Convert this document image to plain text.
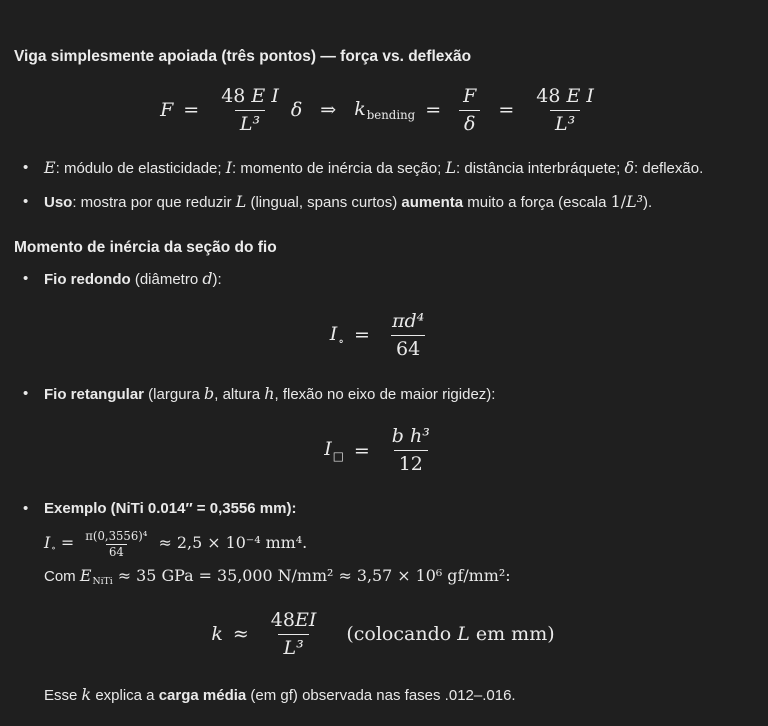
Viga simplesmente apoiada (três pontos) — força vs. deflexão
$F = \frac{\text{48 E I}}{\text{L³}}$ δ ⇒ $k_{bending} = \frac{F}{\delta} = \frac{\text{48 E I}}{\text{L³}}$
• E: módulo de elasticidade; I: momento de inércia da seção; L: distância interbráquete; δ: deflexão.
• Uso: mostra por que reduzir L (lingual, spans curtos) aumenta muito a força (escala 1/L³).
Momento de inércia da seção do fio
• Fio redondo (diâmetro d):
$I_\circ = \frac{\text{πd⁴}}{64}$
• Fio retangular (largura b, altura h, flexão no eixo de maior rigidez):
$I_□ = \frac{\text{b h³}}{12}$
• Exemplo (NiTi 0.014″ = 0,3556 mm):
$I_\circ = \frac{\text{π(0,3556)⁴}}{64} \approx 2,5 \times 10^{-4}$ mm⁴.
Com $E_{NiTi} \approx 35$ GPa = 35,000 N/mm² ≈ 3,57 × 10⁶ gf/mm²:
$k \approx \frac{48EI}{\text{L³}}$ (colocando L em mm)
Esse k explica a carga média (em gf) observada nas fases .012–.016.
